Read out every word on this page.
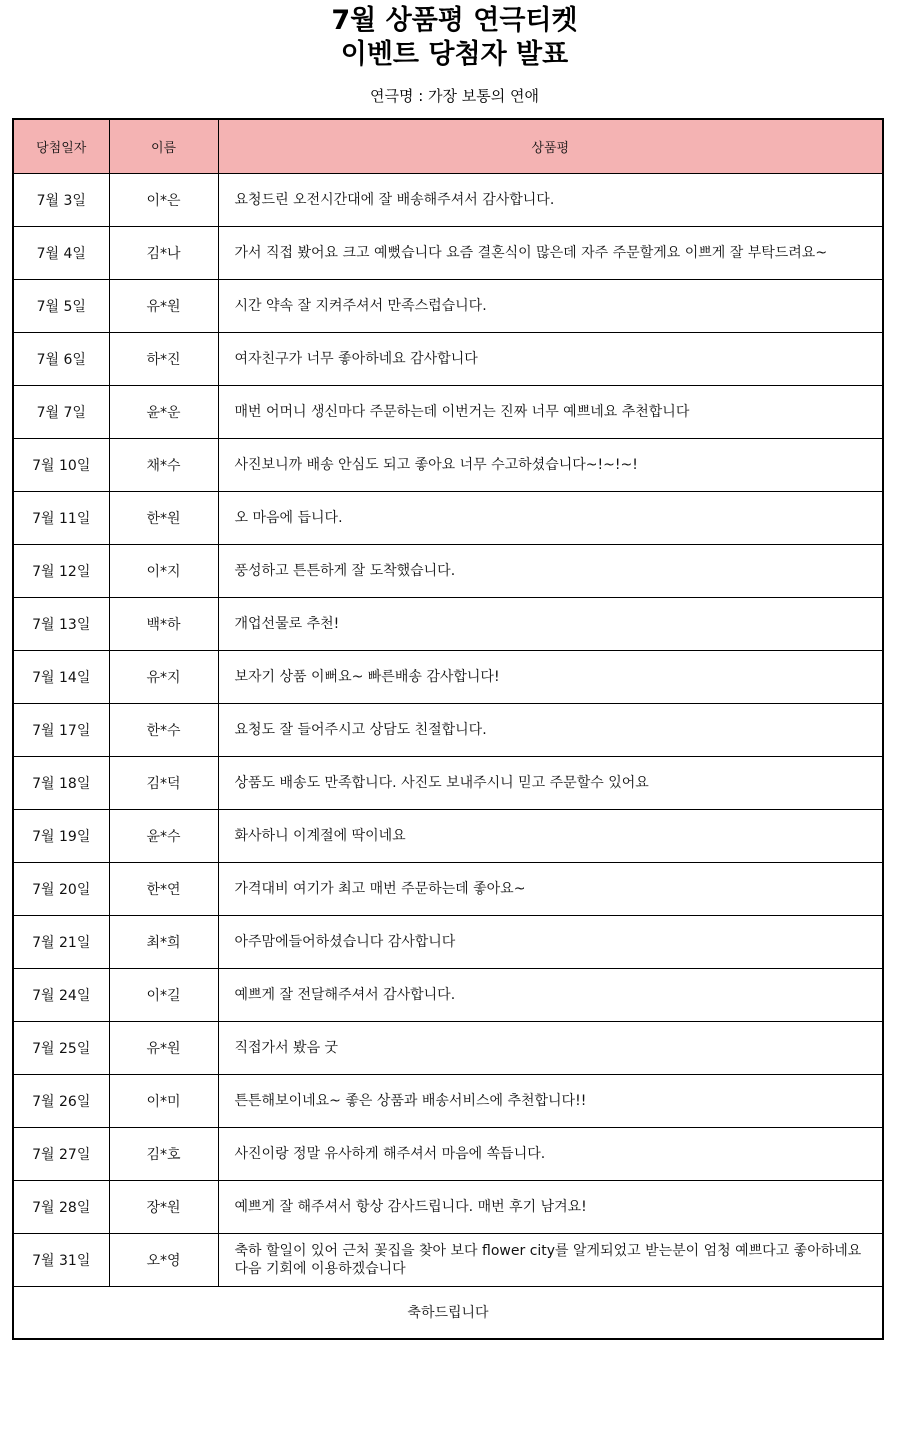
7월 상품평 연극티켓
이벤트 당첨자 발표
연극명 : 가장 보통의 연애
당첨일자	이름	상품평
7월 3일	이*은	요청드린 오전시간대에 잘 배송해주셔서 감사합니다.
7월 4일	김*나	가서 직접 봤어요 크고 예뻤습니다 요즘 결혼식이 많은데 자주 주문할게요 이쁘게 잘 부탁드려요~
7월 5일	유*원	시간 약속 잘 지켜주셔서 만족스럽습니다.
7월 6일	하*진	여자친구가 너무 좋아하네요 감사합니다
7월 7일	윤*운	매번 어머니 생신마다 주문하는데 이번거는 진짜 너무 예쁘네요 추천합니다
7월 10일	채*수	사진보니까 배송 안심도 되고 좋아요 너무 수고하셨습니다~!~!~!
7월 11일	한*원	오 마음에 듭니다.
7월 12일	이*지	풍성하고 튼튼하게 잘 도착했습니다.
7월 13일	백*하	개업선물로 추천!
7월 14일	유*지	보자기 상품 이뻐요~ 빠른배송 감사합니다!
7월 17일	한*수	요청도 잘 들어주시고 상담도 친절합니다.
7월 18일	김*덕	상품도 배송도 만족합니다. 사진도 보내주시니 믿고 주문할수 있어요
7월 19일	윤*수	화사하니 이계절에 딱이네요
7월 20일	한*연	가격대비 여기가 최고 매번 주문하는데 좋아요~
7월 21일	최*희	아주맘에들어하셨습니다 감사합니다
7월 24일	이*길	예쁘게 잘 전달해주셔서 감사합니다.
7월 25일	유*원	직접가서 봤음 굿
7월 26일	이*미	튼튼해보이네요~ 좋은 상품과 배송서비스에 추천합니다!!
7월 27일	김*호	사진이랑 정말 유사하게 해주셔서 마음에 쏙듭니다.
7월 28일	장*원	예쁘게 잘 해주셔서 항상 감사드립니다. 매번 후기 남겨요!
7월 31일	오*영	축하 할일이 있어 근처 꽃집을 찾아 보다 flower city를 알게되었고 받는분이 엄청 예쁘다고 좋아하네요 다음 기회에 이용하겠습니다
축하드립니다		
